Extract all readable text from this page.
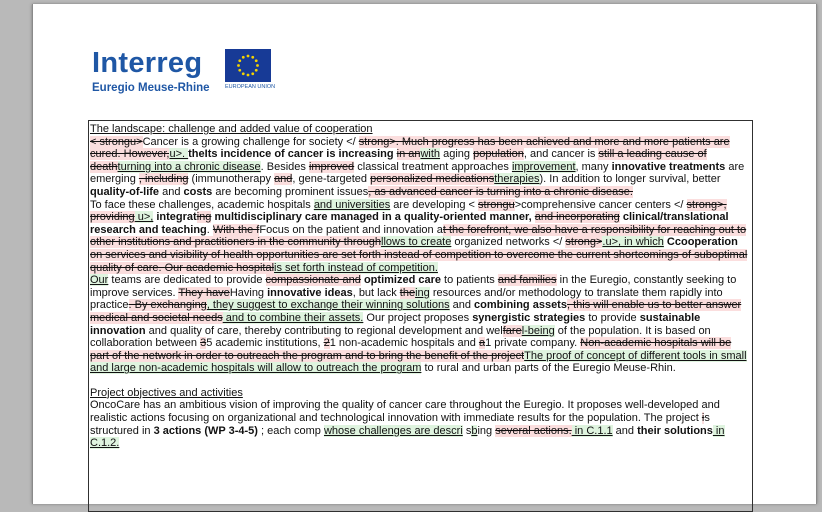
Interreg
Euregio Meuse-Rhine	EUROPEAN UNION

The landscape: challenge and added value of cooperation

< strongu>Cancer is a growing challenge for society </ strong>. Much progress has been achieved and more and more patients are cured. However,u>. theIts incidence of cancer is increasing in anwith aging population, and cancer is still a leading cause of deathturning into a chronic disease. Besides improved classical treatment approaches improvement, many innovative treatments are emerging , including (immunotherapy and, gene-targeted personalized medicationstherapies). In addition to longer survival, better quality-of-life and costs are becoming prominent issues, as advanced cancer is turning into a chronic disease.

To face these challenges, academic hospitals and universities are developing < strongu>comprehensive cancer centers </ strong>, providing u>, integrating multidisciplinary care managed in a quality-oriented manner, and incorporating clinical/translational research and teaching. With the fFocus on the patient and innovation at the forefront, we also have a responsibility for reaching out to other institutions and practitioners in the community throughllows to create organized networks </ strong>.u>, in which Ccooperation on services and visibility of health opportunities are set forth instead of competition to overcome the current shortcomings of suboptimal quality of care. Our academic hospitalis set forth instead of competition.

Our teams are dedicated to provide compassionate and optimized care to patients and families in the Euregio, constantly seeking to improve services. They haveHaving innovative ideas, but lack theing resources and/or methodology to translate them rapidly into practice. By exchanging, they suggest to exchange their winning solutions and combining assets, this will enable us to better answer medical and societal needs and to combine their assets. Our project proposes synergistic strategies to provide sustainable innovation and quality of care, thereby contributing to regional development and welfarel-being of the population. It is based on collaboration between 35 academic institutions, 21 non-academic hospitals and a1 private company. Non-academic hospitals will be part of the network in order to outreach the program and to bring the benefit of the projectThe proof of concept of different tools in small and large non-academic hospitals will allow to outreach the program to rural and urban parts of the Euregio Meuse-Rhin.

Project objectives and activities

OncoCare has an ambitious vision of improving the quality of cancer care throughout the Euregio. It proposes well-developed and realistic actions focusing on organizational and technological innovation with immediate results for the population. The project is structured in 3 actions (WP 3-4-5) ; each comp whose challenges are descri sbing several actions. in C.1.1 and their solutions in C.1.2.
